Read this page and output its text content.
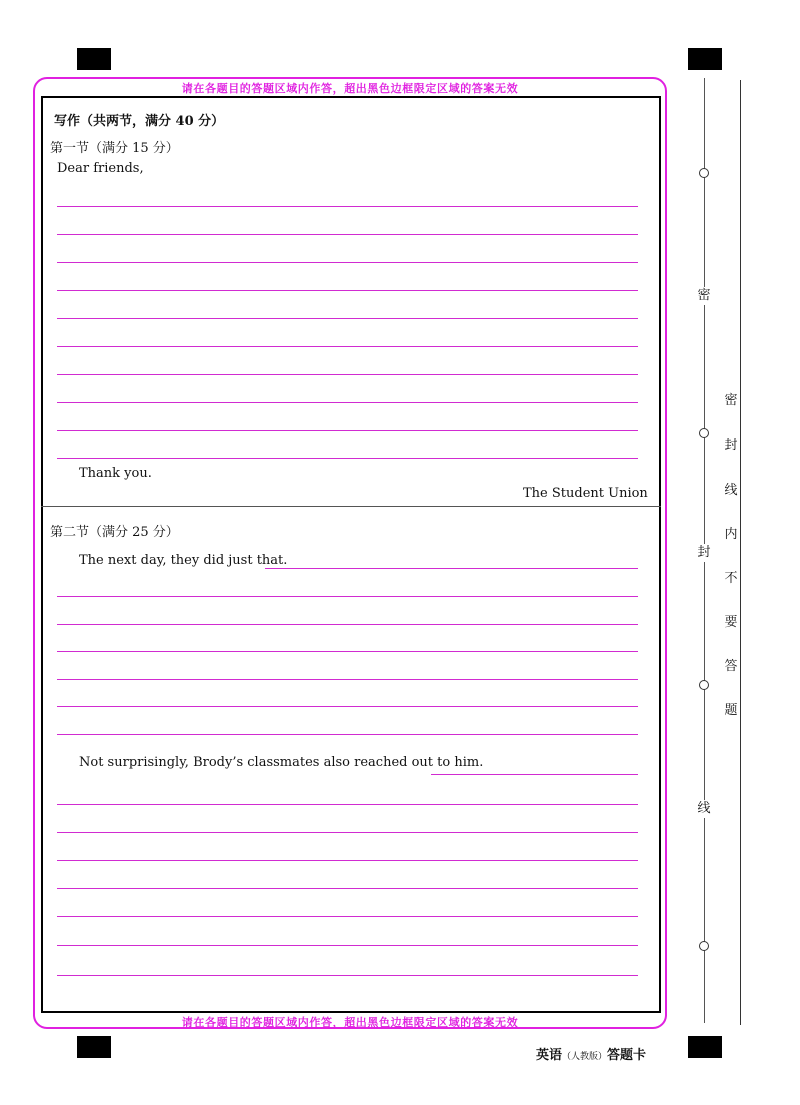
请在各题目的答题区域内作答，超出黑色边框限定区域的答案无效
请在各题目的答题区域内作答，超出黑色边框限定区域的答案无效
写作（共两节，满分 40 分）
第一节（满分 15 分）
Dear friends,
Thank you.
The Student Union
第二节（满分 25 分）
The next day, they did just that.
Not surprisingly, Brody’s classmates also reached out to him.
密
封
线
密
封
线
内
不
要
答
题
英语（人教版）答题卡
